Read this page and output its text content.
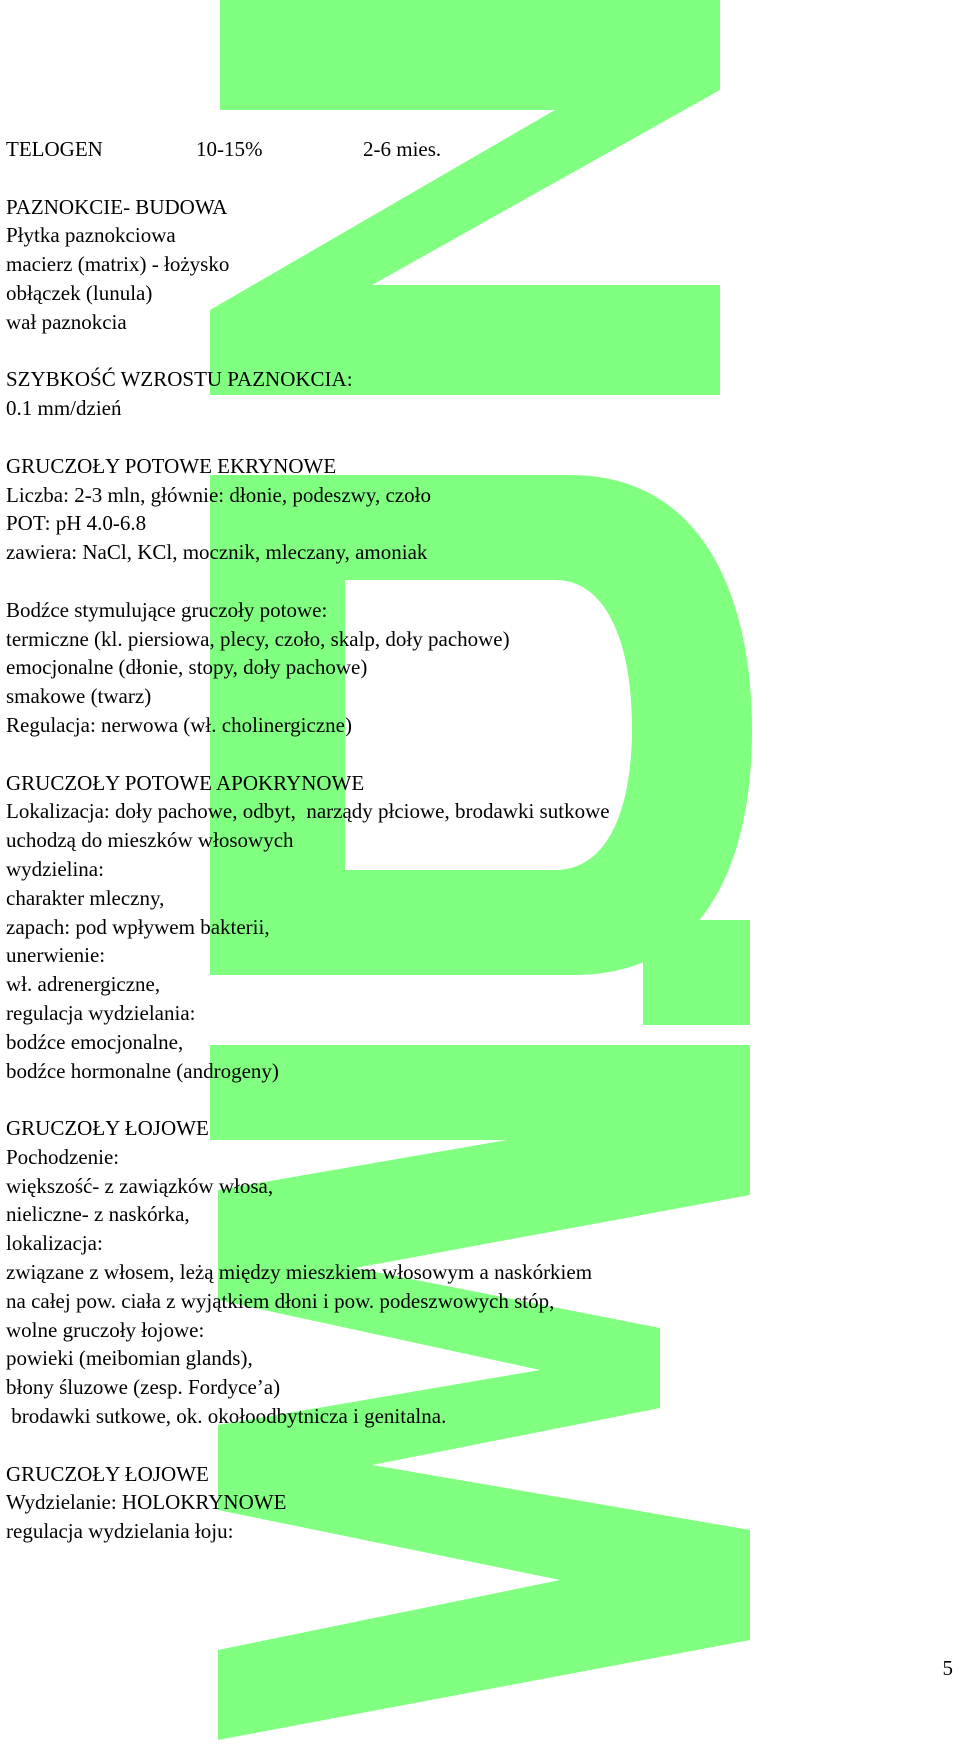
TELOGEN	10-15%	2-6 mies.
PAZNOKCIE- BUDOWA
Płytka paznokciowa
macierz (matrix) - łożysko
obłączek (lunula)
wał paznokcia
SZYBKOŚĆ WZROSTU PAZNOKCIA:
0.1 mm/dzień
GRUCZOŁY POTOWE EKRYNOWE
Liczba: 2-3 mln, głównie: dłonie, podeszwy, czoło
POT: pH 4.0-6.8
zawiera: NaCl, KCl, mocznik, mleczany, amoniak
Bodźce stymulujące gruczoły potowe:
termiczne (kl. piersiowa, plecy, czoło, skalp, doły pachowe)
emocjonalne (dłonie, stopy, doły pachowe)
smakowe (twarz)
Regulacja: nerwowa (wł. cholinergiczne)
GRUCZOŁY POTOWE APOKRYNOWE
Lokalizacja: doły pachowe, odbyt,  narządy płciowe, brodawki sutkowe
uchodzą do mieszków włosowych
wydzielina:
charakter mleczny,
zapach: pod wpływem bakterii,
unerwienie:
wł. adrenergiczne,
regulacja wydzielania:
bodźce emocjonalne,
bodźce hormonalne (androgeny)
GRUCZOŁY ŁOJOWE
Pochodzenie:
większość- z zawiązków włosa,
nieliczne- z naskórka,
lokalizacja:
związane z włosem, leżą między mieszkiem włosowym a naskórkiem
na całej pow. ciała z wyjątkiem dłoni i pow. podeszwowych stóp,
wolne gruczoły łojowe:
powieki (meibomian glands),
błony śluzowe (zesp. Fordyce’a)
brodawki sutkowe, ok. okołoodbytnicza i genitalna.
GRUCZOŁY ŁOJOWE
Wydzielanie: HOLOKRYNOWE
regulacja wydzielania łoju:
5
